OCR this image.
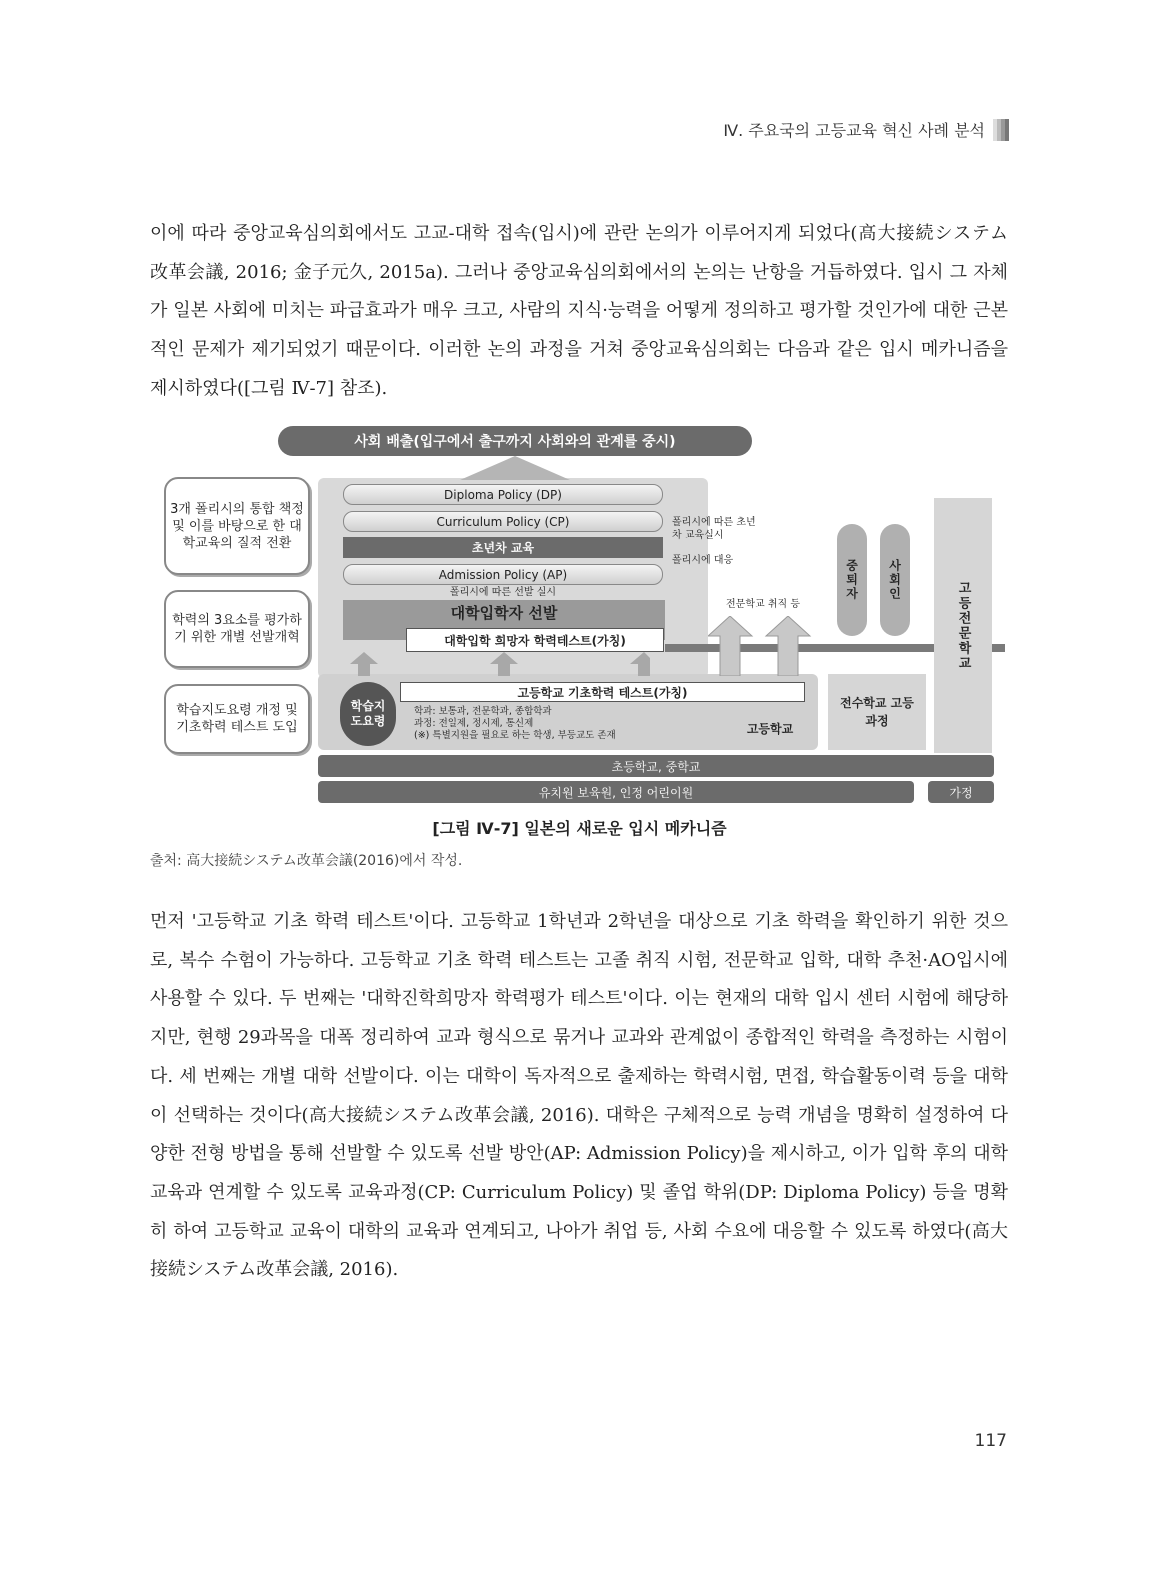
Ⅳ. 주요국의 고등교육 혁신 사례 분석

이에 따라 중앙교육심의회에서도 고교-대학 접속(입시)에 관란 논의가 이루어지게 되었다(高大接続システム改革会議, 2016; 金子元久, 2015a). 그러나 중앙교육심의회에서의 논의는 난항을 거듭하였다. 입시 그 자체가 일본 사회에 미치는 파급효과가 매우 크고, 사람의 지식·능력을 어떻게 정의하고 평가할 것인가에 대한 근본적인 문제가 제기되었기 때문이다. 이러한 논의 과정을 거쳐 중앙교육심의회는 다음과 같은 입시 메카니즘을 제시하였다([그림 Ⅳ-7] 참조).

사회 배출(입구에서 출구까지 사회와의 관계를 중시)
3개 폴리시의 통합 책정 및 이를 바탕으로 한 대학교육의 질적 전환
학력의 3요소를 평가하기 위한 개별 선발개혁
학습지도요령 개정 및 기초학력 테스트 도입
Diploma Policy (DP)
Curriculum Policy (CP)
초년차 교육
Admission Policy (AP)
폴리시에 따른 선발 실시
폴리시에 따른 초년차 교육실시
폴리시에 대응
대학입학자 선발
대학입학 희망자 학력테스트(가칭)
전문학교 취직 등
중퇴자	사회인
고등전문학교
학습지도요령
고등학교 기초학력 테스트(가칭)
학과: 보통과, 전문학과, 종합학과
과정: 전일제, 정시제, 통신제
(※) 특별지원을 필요로 하는 학생, 부등교도 존재	고등학교
전수학교 고등과정
초등학교, 중학교
유치원 보육원, 인정 어린이원	가정
[그림 Ⅳ-7] 일본의 새로운 입시 메카니즘
출처: 高大接続システム改革会議(2016)에서 작성.

먼저 '고등학교 기초 학력 테스트'이다. 고등학교 1학년과 2학년을 대상으로 기초 학력을 확인하기 위한 것으로, 복수 수험이 가능하다. 고등학교 기초 학력 테스트는 고졸 취직 시험, 전문학교 입학, 대학 추천·AO입시에 사용할 수 있다. 두 번째는 '대학진학희망자 학력평가 테스트'이다. 이는 현재의 대학 입시 센터 시험에 해당하지만, 현행 29과목을 대폭 정리하여 교과 형식으로 묶거나 교과와 관계없이 종합적인 학력을 측정하는 시험이다. 세 번째는 개별 대학 선발이다. 이는 대학이 독자적으로 출제하는 학력시험, 면접, 학습활동이력 등을 대학이 선택하는 것이다(高大接続システム改革会議, 2016). 대학은 구체적으로 능력 개념을 명확히 설정하여 다양한 전형 방법을 통해 선발할 수 있도록 선발 방안(AP: Admission Policy)을 제시하고, 이가 입학 후의 대학 교육과 연계할 수 있도록 교육과정(CP: Curriculum Policy) 및 졸업 학위(DP: Diploma Policy) 등을 명확히 하여 고등학교 교육이 대학의 교육과 연계되고, 나아가 취업 등, 사회 수요에 대응할 수 있도록 하였다(高大接続システム改革会議, 2016).

117
